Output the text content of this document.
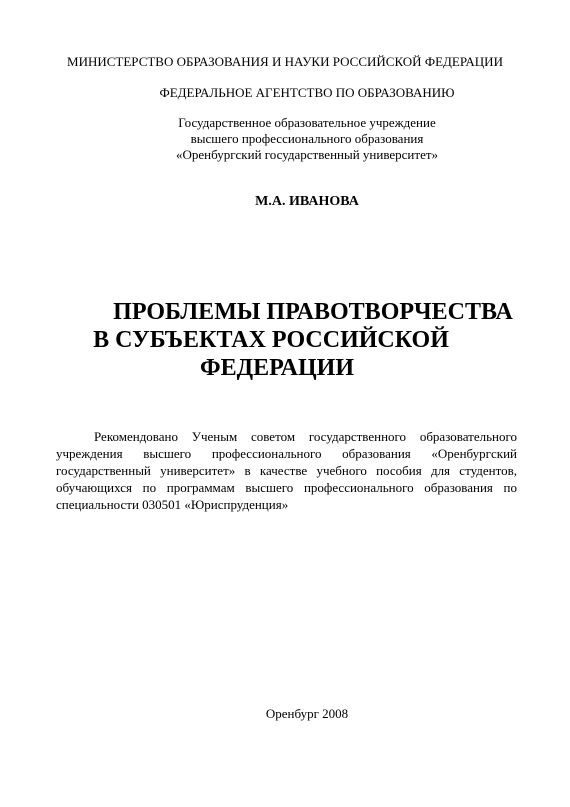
МИНИСТЕРСТВО ОБРАЗОВАНИЯ И НАУКИ РОССИЙСКОЙ ФЕДЕРАЦИИ
ФЕДЕРАЛЬНОЕ АГЕНТСТВО ПО ОБРАЗОВАНИЮ
Государственное образовательное учреждение
высшего профессионального образования
«Оренбургский государственный университет»
М.А. ИВАНОВА
ПРОБЛЕМЫ ПРАВОТВОРЧЕСТВА
В СУБЪЕКТАХ РОССИЙСКОЙ
ФЕДЕРАЦИИ
Рекомендовано Ученым советом государственного образовательного
учреждения высшего профессионального образования «Оренбургский
государственный университет» в качестве учебного пособия для студентов,
обучающихся по программам высшего профессионального образования по
специальности 030501 «Юриспруденция»
Оренбург 2008
